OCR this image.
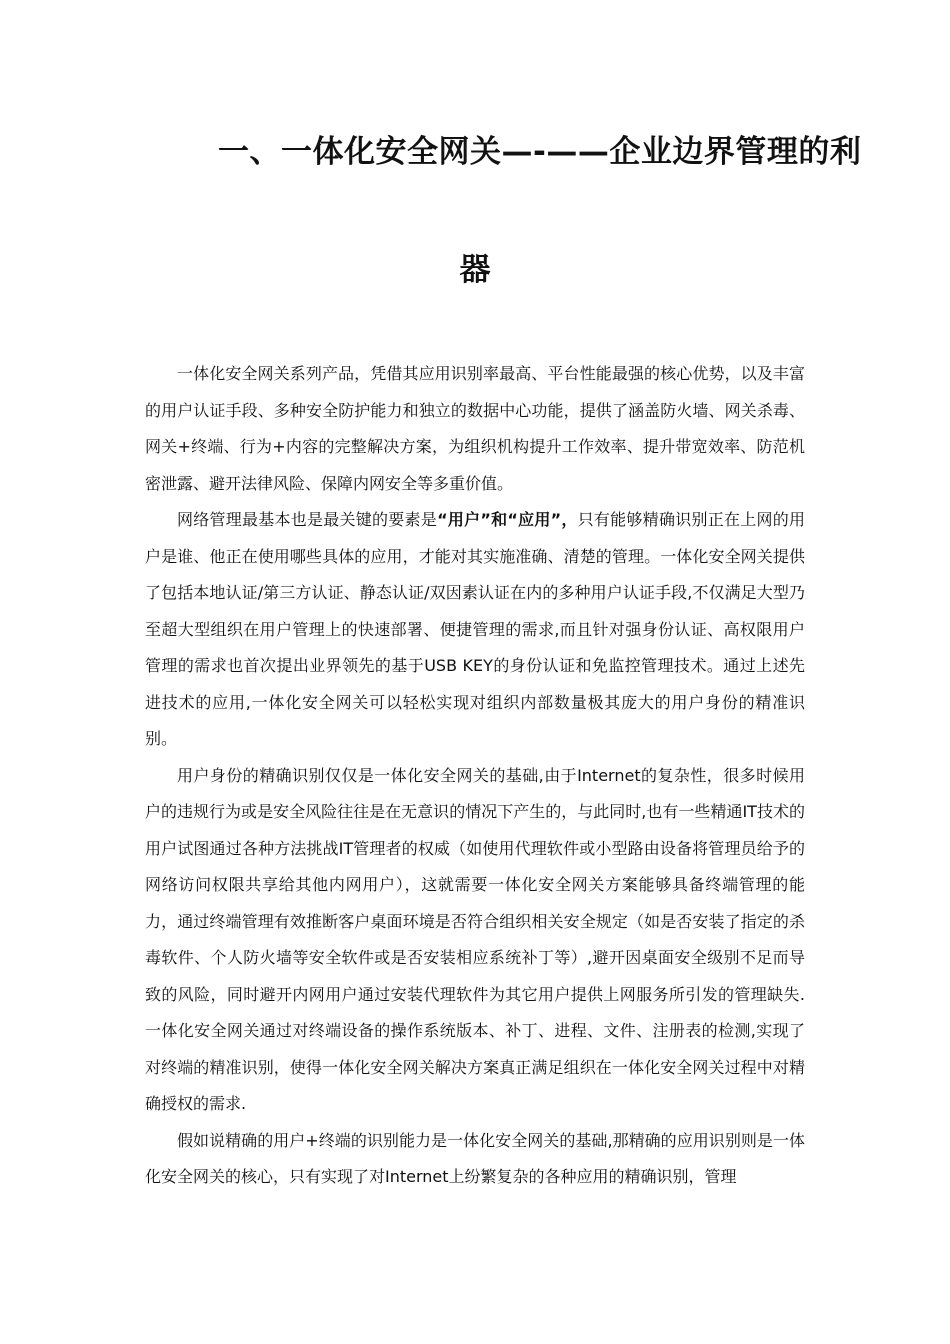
一、一体化安全网关—-——企业边界管理的利
器

一体化安全网关系列产品，凭借其应用识别率最高、平台性能最强的核心优势，以及丰富的用户认证手段、多种安全防护能力和独立的数据中心功能，提供了涵盖防火墙、网关杀毒、网关+终端、行为+内容的完整解决方案，为组织机构提升工作效率、提升带宽效率、防范机密泄露、避开法律风险、保障内网安全等多重价值。

网络管理最基本也是最关键的要素是“用户”和“应用”，只有能够精确识别正在上网的用户是谁、他正在使用哪些具体的应用，才能对其实施准确、清楚的管理。一体化安全网关提供了包括本地认证/第三方认证、静态认证/双因素认证在内的多种用户认证手段,不仅满足大型乃至超大型组织在用户管理上的快速部署、便捷管理的需求,而且针对强身份认证、高权限用户管理的需求也首次提出业界领先的基于USB KEY的身份认证和免监控管理技术。通过上述先进技术的应用,一体化安全网关可以轻松实现对组织内部数量极其庞大的用户身份的精准识别。

用户身份的精确识别仅仅是一体化安全网关的基础,由于Internet的复杂性，很多时候用户的违规行为或是安全风险往往是在无意识的情况下产生的，与此同时,也有一些精通IT技术的用户试图通过各种方法挑战IT管理者的权威（如使用代理软件或小型路由设备将管理员给予的网络访问权限共享给其他内网用户），这就需要一体化安全网关方案能够具备终端管理的能力，通过终端管理有效推断客户桌面环境是否符合组织相关安全规定（如是否安装了指定的杀毒软件、个人防火墙等安全软件或是否安装相应系统补丁等）,避开因桌面安全级别不足而导致的风险，同时避开内网用户通过安装代理软件为其它用户提供上网服务所引发的管理缺失.一体化安全网关通过对终端设备的操作系统版本、补丁、进程、文件、注册表的检测,实现了对终端的精准识别，使得一体化安全网关解决方案真正满足组织在一体化安全网关过程中对精确授权的需求.

假如说精确的用户+终端的识别能力是一体化安全网关的基础,那精确的应用识别则是一体化安全网关的核心，只有实现了对Internet上纷繁复杂的各种应用的精确识别，管理
